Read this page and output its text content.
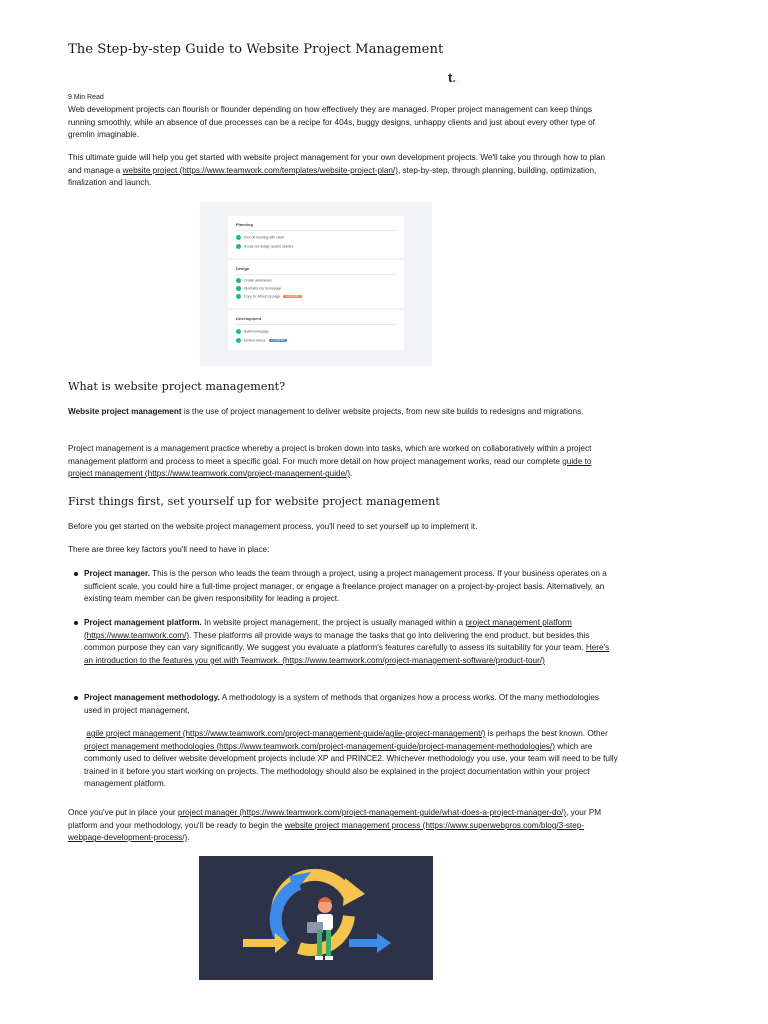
The Step-by-step Guide to Website Project Management
t.
9 Min Read

Web development projects can flourish or flounder depending on how effectively they are managed. Proper project management can keep things running smoothly, while an absence of due processes can be a recipe for 404s, buggy designs, unhappy clients and just about every other type of gremlin imaginable.

This ultimate guide will help you get started with website project management for your own development projects. We'll take you through how to plan and manage a website project (https://www.teamwork.com/templates/website-project-plan/), step-by-step, through planning, building, optimization, finalization and launch.

Planning
Kick-off meeting with client
Scope out design assets needed
Design
Create wireframes
Illustration for homepage
Copy for About Us page Low priority
Development
Build homepage
Embed videos In progress
What is website project management?

Website project management is the use of project management to deliver website projects, from new site builds to redesigns and migrations.

Project management is a management practice whereby a project is broken down into tasks, which are worked on collaboratively within a project management platform and process to meet a specific goal. For much more detail on how project management works, read our complete guide to project management (https://www.teamwork.com/project-management-guide/).

First things first, set yourself up for website project management

Before you get started on the website project management process, you'll need to set yourself up to implement it.

There are three key factors you'll need to have in place:

Project manager. This is the person who leads the team through a project, using a project management process. If your business operates on a sufficient scale, you could hire a full-time project manager, or engage a freelance project manager on a project-by-project basis. Alternatively, an existing team member can be given responsibility for leading a project.

Project management platform. In website project management, the project is usually managed within a project management platform (https://www.teamwork.com/). These platforms all provide ways to manage the tasks that go into delivering the end product, but besides this common purpose they can vary significantly. We suggest you evaluate a platform's features carefully to assess its suitability for your team. Here's an introduction to the features you get with Teamwork. (https://www.teamwork.com/project-management-software/product-tour/)

Project management methodology. A methodology is a system of methods that organizes how a process works. Of the many methodologies used in project management,

agile project management (https://www.teamwork.com/project-management-guide/agile-project-management/) is perhaps the best known. Other project management methodologies (https://www.teamwork.com/project-management-guide/project-management-methodologies/) which are commonly used to deliver website development projects include XP and PRINCE2. Whichever methodology you use, your team will need to be fully trained in it before you start working on projects. The methodology should also be explained in the project documentation within your project management platform.

Once you've put in place your project manager (https://www.teamwork.com/project-management-guide/what-does-a-project-manager-do/), your PM platform and your methodology, you'll be ready to begin the website project management process (https://www.superwebpros.com/blog/3-step-webpage-development-process/).
